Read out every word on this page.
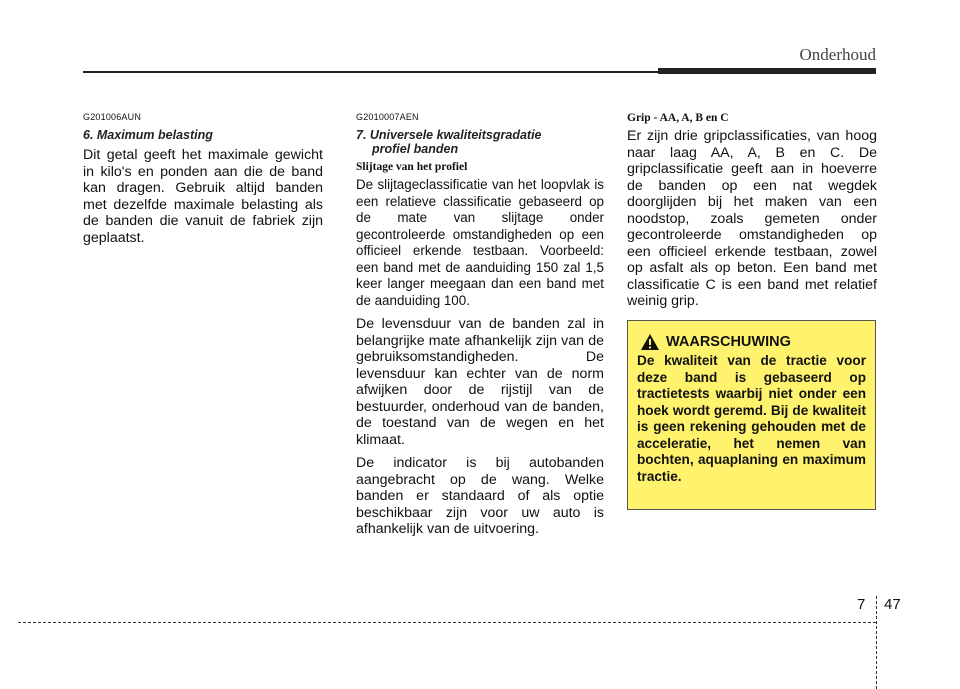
Onderhoud
G201006AUN
6. Maximum belasting

Dit getal geeft het maximale gewicht in kilo's en ponden aan die de band kan dragen. Gebruik altijd banden met dezelfde maximale belasting als de banden die vanuit de fabriek zijn geplaatst.

G2010007AEN
7. Universele kwaliteitsgradatie
profiel banden
Slijtage van het profiel

De slijtageclassificatie van het loopvlak is een relatieve classificatie gebaseerd op de mate van slijtage onder gecontroleerde omstandigheden op een officieel erkende testbaan. Voorbeeld: een band met de aanduiding 150 zal 1,5 keer langer meegaan dan een band met de aanduiding 100.

De levensduur van de banden zal in belangrijke mate afhankelijk zijn van de gebruiksomstandigheden. De levensduur kan echter van de norm afwijken door de rijstijl van de bestuurder, onderhoud van de banden, de toestand van de wegen en het klimaat.

De indicator is bij autobanden aangebracht op de wang. Welke banden er standaard of als optie beschikbaar zijn voor uw auto is afhankelijk van de uitvoering.

Grip - AA, A, B en C

Er zijn drie gripclassificaties, van hoog naar laag AA, A, B en C. De gripclassificatie geeft aan in hoeverre de banden op een nat wegdek doorglijden bij het maken van een noodstop, zoals gemeten onder gecontroleerde omstandigheden op een officieel erkende testbaan, zowel op asfalt als op beton. Een band met classificatie C is een band met relatief weinig grip.

WAARSCHUWING

De kwaliteit van de tractie voor deze band is gebaseerd op tractietests waarbij niet onder een hoek wordt geremd. Bij de kwaliteit is geen rekening gehouden met de acceleratie, het nemen van bochten, aquaplaning en maximum tractie.

7 47
